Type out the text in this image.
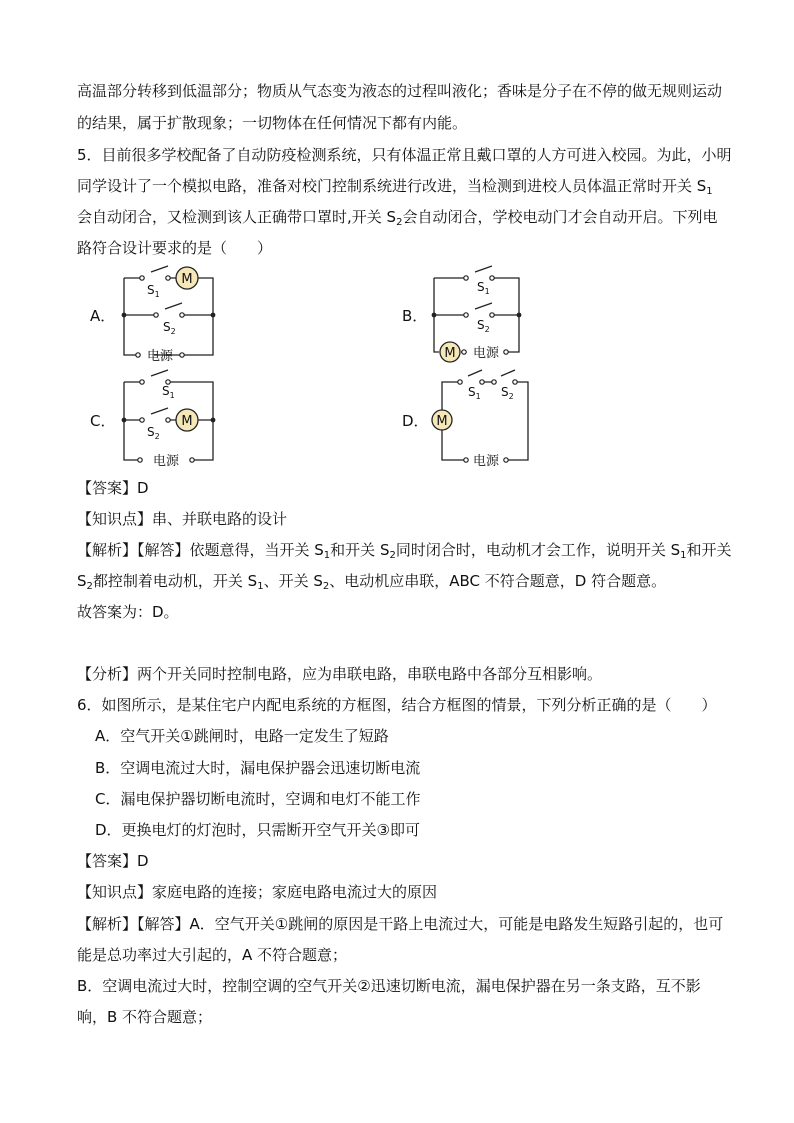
高温部分转移到低温部分；物质从气态变为液态的过程叫液化；香味是分子在不停的做无规则运动
的结果，属于扩散现象；一切物体在任何情况下都有内能。
5．目前很多学校配备了自动防疫检测系统，只有体温正常且戴口罩的人方可进入校园。为此，小明
同学设计了一个模拟电路，准备对校门控制系统进行改进，当检测到进校人员体温正常时开关 $S_1$
会自动闭合，又检测到该人正确带口罩时,开关 $S_2$会自动闭合，学校电动门才会自动开启。下列电
路符合设计要求的是（　　）
A．
M
$S_1$
$S_2$
电源
B．
$S_1$
$S_2$
M 电源
C．	M
$S_1$
$S_2$
电源
D．
$S_1$ $S_2$
M
电源
【答案】D
【知识点】串、并联电路的设计
【解析】【解答】依题意得，当开关 $S_1$和开关 $S_2$同时闭合时，电动机才会工作，说明开关 $S_1$和开关
$S_2$都控制着电动机，开关 $S_1$、开关 $S_2$、电动机应串联，ABC 不符合题意，D 符合题意。
故答案为：D。
【分析】两个开关同时控制电路，应为串联电路，串联电路中各部分互相影响。
6．如图所示，是某住宅户内配电系统的方框图，结合方框图的情景，下列分析正确的是（　　）
A．空气开关①跳闸时，电路一定发生了短路
B．空调电流过大时，漏电保护器会迅速切断电流
C．漏电保护器切断电流时，空调和电灯不能工作
D．更换电灯的灯泡时，只需断开空气开关③即可
【答案】D
【知识点】家庭电路的连接；家庭电路电流过大的原因
【解析】【解答】A．空气开关①跳闸的原因是干路上电流过大，可能是电路发生短路引起的，也可
能是总功率过大引起的，A 不符合题意；
B．空调电流过大时，控制空调的空气开关②迅速切断电流，漏电保护器在另一条支路，互不影
响，B 不符合题意；
